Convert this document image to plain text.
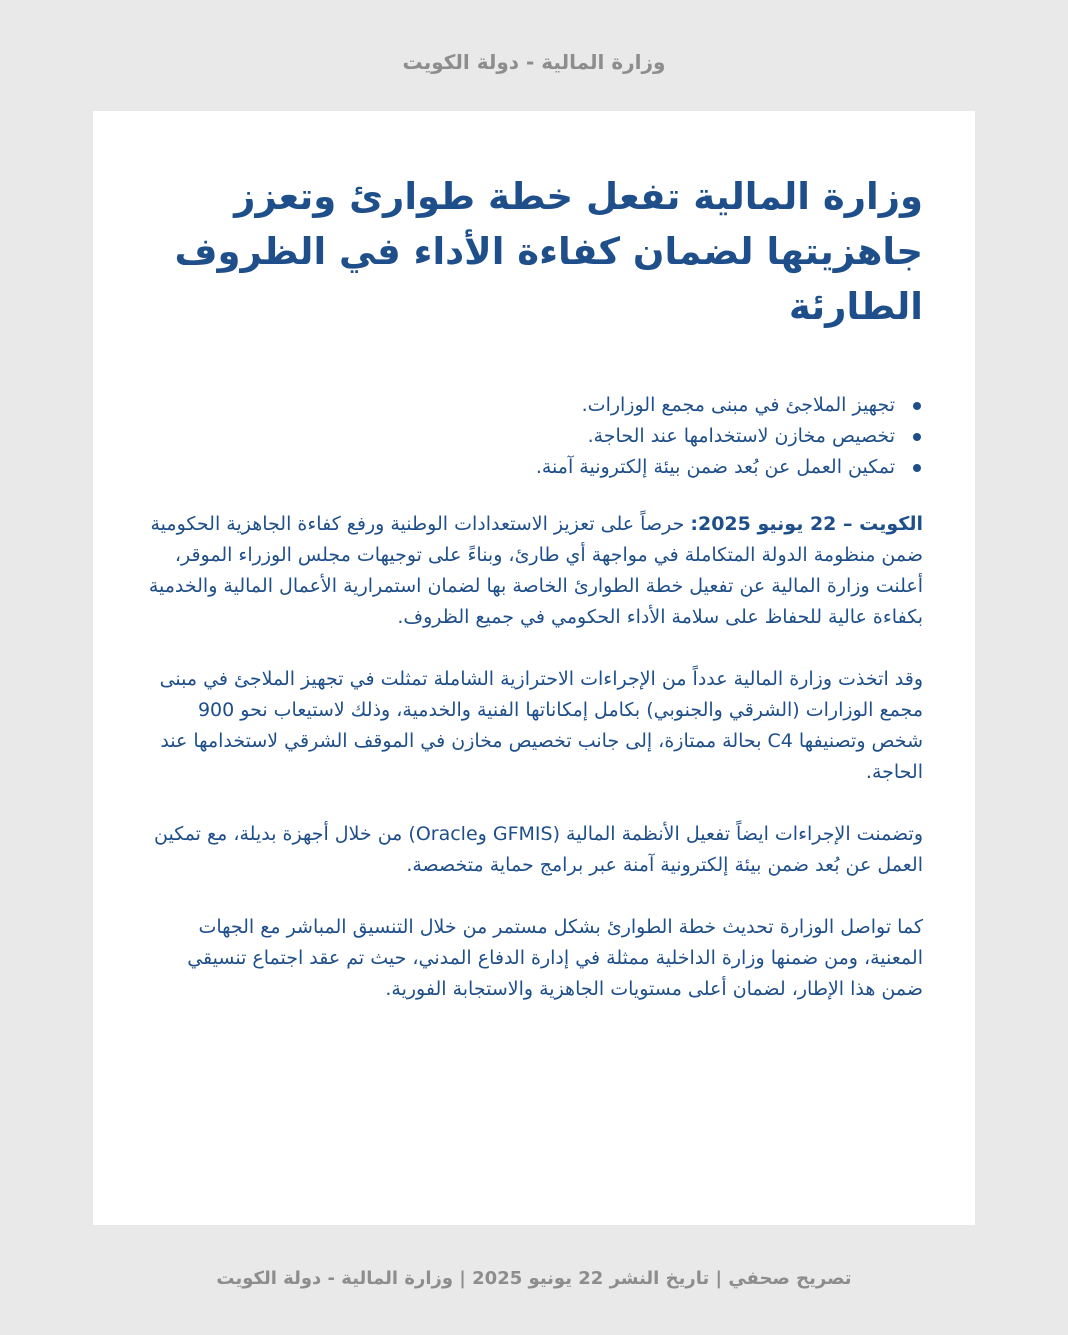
وزارة المالية - دولة الكويت
وزارة المالية تفعل خطة طوارئ وتعزز جاهزيتها لضمان كفاءة الأداء في الظروف الطارئة
تجهيز الملاجئ في مبنى مجمع الوزارات.
تخصيص مخازن لاستخدامها عند الحاجة.
تمكين العمل عن بُعد ضمن بيئة إلكترونية آمنة.

الكويت – 22 يونيو 2025: حرصاً على تعزيز الاستعدادات الوطنية ورفع كفاءة الجاهزية الحكومية ضمن منظومة الدولة المتكاملة في مواجهة أي طارئ، وبناءً على توجيهات مجلس الوزراء الموقر، أعلنت وزارة المالية عن تفعيل خطة الطوارئ الخاصة بها لضمان استمرارية الأعمال المالية والخدمية بكفاءة عالية للحفاظ على سلامة الأداء الحكومي في جميع الظروف.

وقد اتخذت وزارة المالية عدداً من الإجراءات الاحترازية الشاملة تمثلت في تجهيز الملاجئ في مبنى مجمع الوزارات (الشرقي والجنوبي) بكامل إمكاناتها الفنية والخدمية، وذلك لاستيعاب نحو 900 شخص وتصنيفها C4 بحالة ممتازة، إلى جانب تخصيص مخازن في الموقف الشرقي لاستخدامها عند الحاجة.

وتضمنت الإجراءات ايضاً تفعيل الأنظمة المالية (GFMIS وOracle) من خلال أجهزة بديلة، مع تمكين العمل عن بُعد ضمن بيئة إلكترونية آمنة عبر برامج حماية متخصصة.

كما تواصل الوزارة تحديث خطة الطوارئ بشكل مستمر من خلال التنسيق المباشر مع الجهات المعنية، ومن ضمنها وزارة الداخلية ممثلة في إدارة الدفاع المدني، حيث تم عقد اجتماع تنسيقي ضمن هذا الإطار، لضمان أعلى مستويات الجاهزية والاستجابة الفورية.

تصريح صحفي | تاريخ النشر 22 يونيو 2025 | وزارة المالية - دولة الكويت
